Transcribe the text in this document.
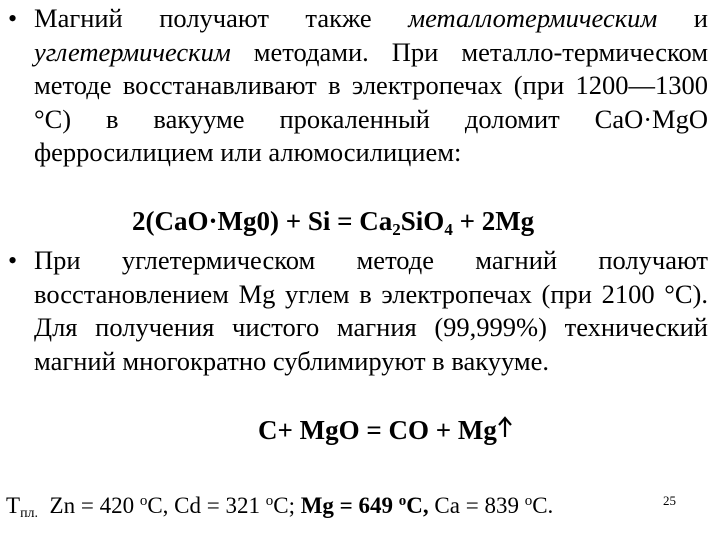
• Магний получают также металлотермическим и углетермическим методами. При металло-термическом методе восстанавливают в электропечах (при 1200—1300 °С) в вакууме прокаленный доломит СаО·МgО ферросилицием или алюмосилицием:
$2(CaO\cdot Mg0) + Si = Ca_2SiO_4 + 2Mg$
• При углетермическом методе магний получают восстановлением Мg углем в электропечах (при 2100 °С). Для получения чистого магния (99,999%) технический магний многократно сублимируют в вакууме.
C+ MgO = CO + Mg
$Т_{пл.}$ Zn = 420 $^o$С, Cd = 321 $^o$С; Mg = 649 $^o$С, Ca = 839 $^o$С.	25
